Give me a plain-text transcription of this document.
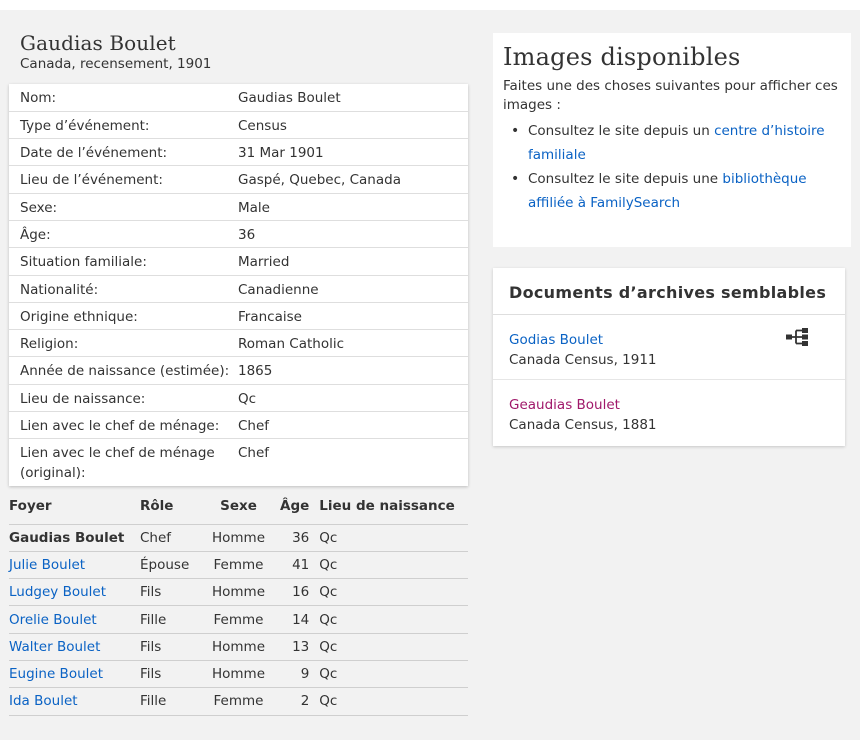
Gaudias Boulet
Canada, recensement, 1901
Nom:	Gaudias Boulet
Type d’événement:	Census
Date de l’événement:	31 Mar 1901
Lieu de l’événement:	Gaspé, Quebec, Canada
Sexe:	Male
Âge:	36
Situation familiale:	Married
Nationalité:	Canadienne
Origine ethnique:	Francaise
Religion:	Roman Catholic
Année de naissance (estimée):	1865
Lieu de naissance:	Qc
Lien avec le chef de ménage:	Chef
Lien avec le chef de ménage (original):	Chef
Foyer	Rôle	Sexe	Âge	Lieu de naissance
Gaudias Boulet	Chef	Homme	36	Qc
Julie Boulet	Épouse	Femme	41	Qc
Ludgey Boulet	Fils	Homme	16	Qc
Orelie Boulet	Fille	Femme	14	Qc
Walter Boulet	Fils	Homme	13	Qc
Eugine Boulet	Fils	Homme	9	Qc
Ida Boulet	Fille	Femme	2	Qc
Images disponibles

Faites une des choses suivantes pour afficher ces images :

• Consultez le site depuis un centre d’histoire familiale
• Consultez le site depuis une bibliothèque affiliée à FamilySearch
Documents d’archives semblables
Godias Boulet
Canada Census, 1911
Geaudias Boulet
Canada Census, 1881
